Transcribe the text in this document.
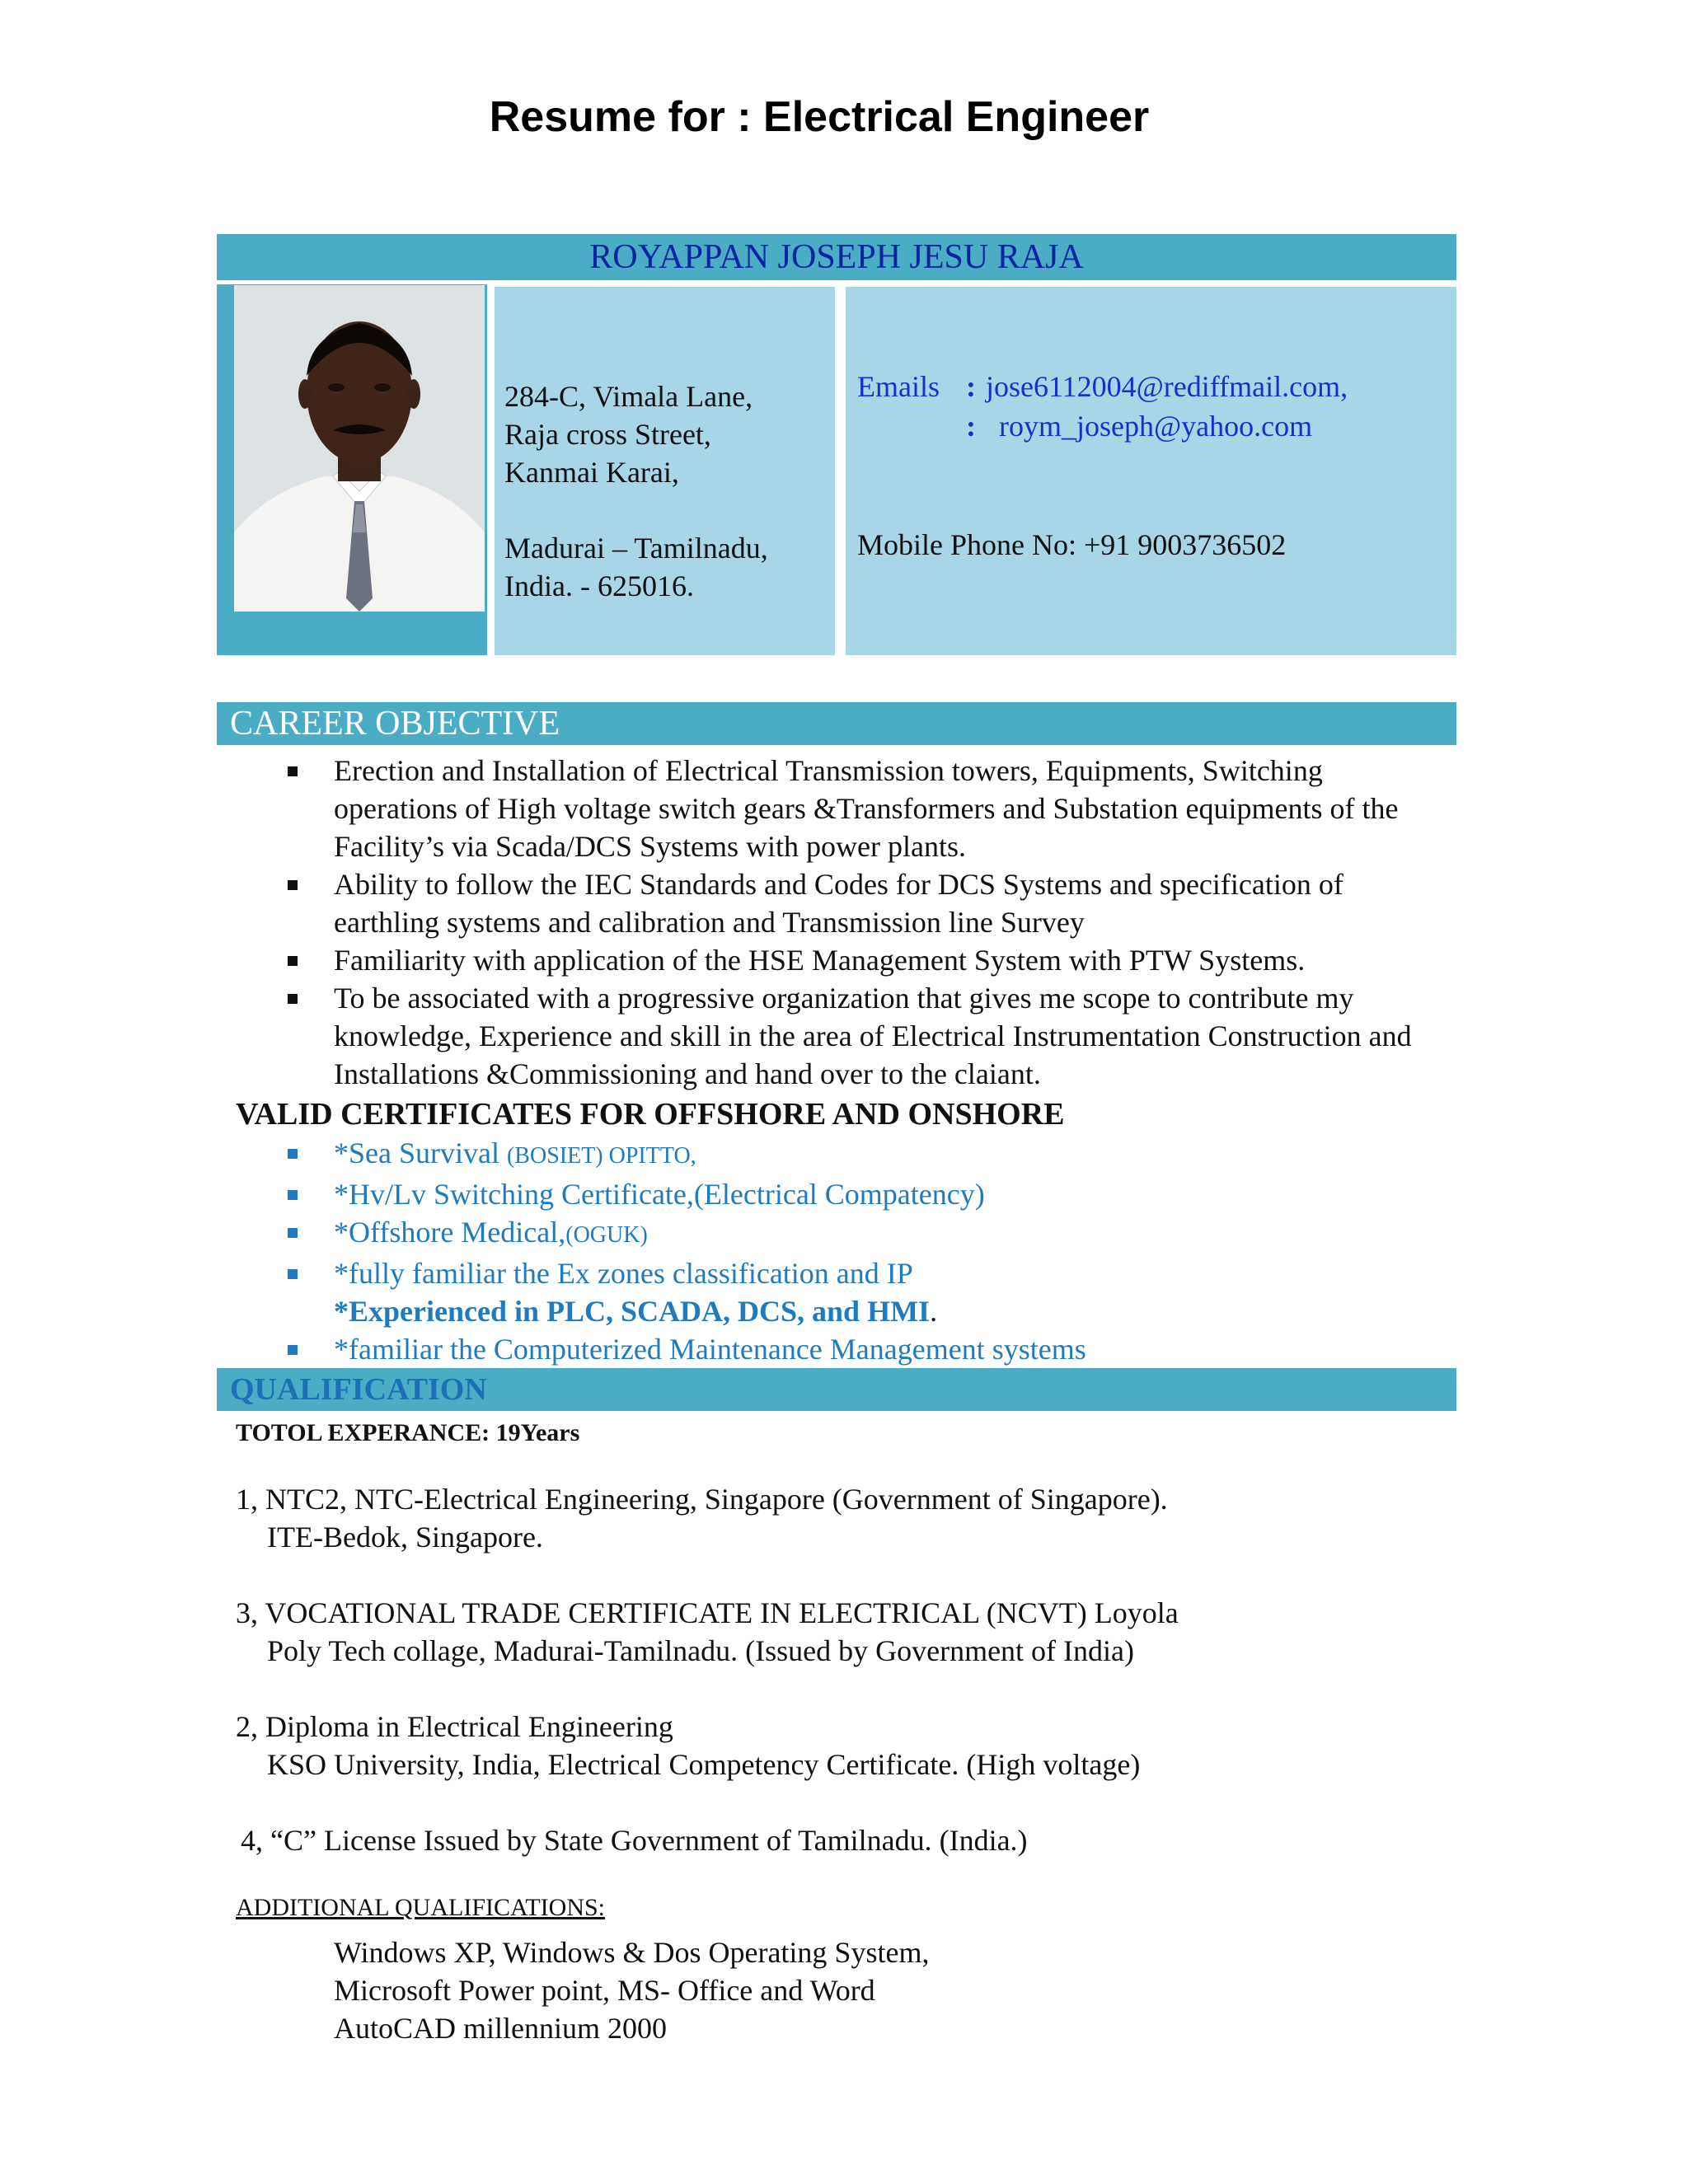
Resume for : Electrical Engineer
ROYAPPAN JOSEPH JESU RAJA
284-C, Vimala Lane,
Raja cross Street,
Kanmai Karai,
Madurai – Tamilnadu,
India. - 625016.
Emails : jose6112004@rediffmail.com,
: roym_joseph@yahoo.com
Mobile Phone No: +91 9003736502
CAREER OBJECTIVE
Erection and Installation of Electrical Transmission towers, Equipments, Switching operations of High voltage switch gears &Transformers and Substation equipments of the Facility’s via Scada/DCS Systems with power plants.
Ability to follow the IEC Standards and Codes for DCS Systems and specification of earthling systems and calibration and Transmission line Survey
Familiarity with application of the HSE Management System with PTW Systems.
To be associated with a progressive organization that gives me scope to contribute my knowledge, Experience and skill in the area of Electrical Instrumentation Construction and Installations &Commissioning and hand over to the claiant.
VALID CERTIFICATES FOR OFFSHORE AND ONSHORE
*Sea Survival (BOSIET) OPITTO,
*Hv/Lv Switching Certificate,(Electrical Compatency)
*Offshore Medical,(OGUK)
*fully familiar the Ex zones classification and IP
*Experienced in PLC, SCADA, DCS, and HMI.
*familiar the Computerized Maintenance Management systems
QUALIFICATION
TOTOL EXPERANCE: 19Years
1, NTC2, NTC-Electrical Engineering, Singapore (Government of Singapore).
ITE-Bedok, Singapore.
3, VOCATIONAL TRADE CERTIFICATE IN ELECTRICAL (NCVT) Loyola
Poly Tech collage, Madurai-Tamilnadu. (Issued by Government of India)
2, Diploma in Electrical Engineering
KSO University, India, Electrical Competency Certificate. (High voltage)
4, “C” License Issued by State Government of Tamilnadu. (India.)
ADDITIONAL QUALIFICATIONS:
Windows XP, Windows & Dos Operating System,
Microsoft Power point, MS- Office and Word
AutoCAD millennium 2000
